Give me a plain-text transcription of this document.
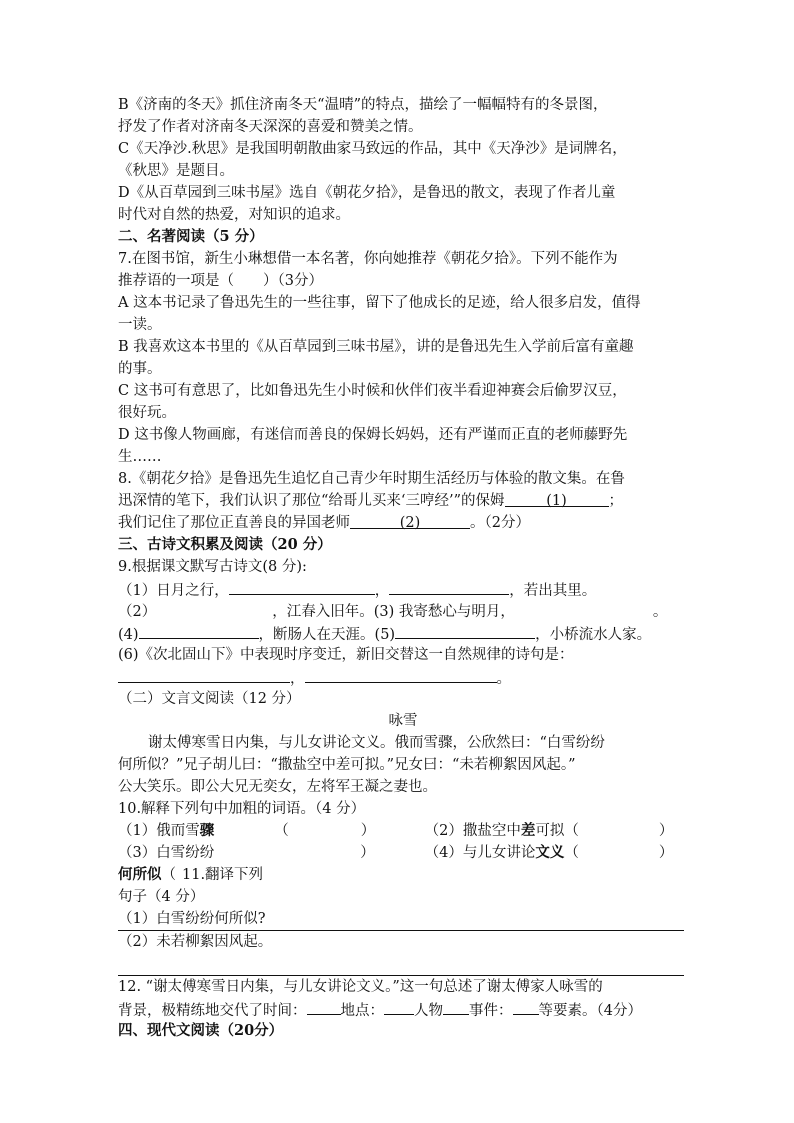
B《济南的冬天》抓住济南冬天“温晴”的特点，描绘了一幅幅特有的冬景图，
抒发了作者对济南冬天深深的喜爱和赞美之情。
C《天净沙.秋思》是我国明朝散曲家马致远的作品，其中《天净沙》是词牌名，
《秋思》是题目。
D《从百草园到三味书屋》选自《朝花夕拾》，是鲁迅的散文，表现了作者儿童
时代对自然的热爱，对知识的追求。
二、名著阅读（5 分）
7.在图书馆，新生小琳想借一本名著，你向她推荐《朝花夕拾》。下列不能作为
推荐语的一项是（　　）（3分）
A 这本书记录了鲁迅先生的一些往事，留下了他成长的足迹，给人很多启发，值得
一读。
B 我喜欢这本书里的《从百草园到三味书屋》，讲的是鲁迅先生入学前后富有童趣
的事。
C 这书可有意思了，比如鲁迅先生小时候和伙伴们夜半看迎神赛会后偷罗汉豆，
很好玩。
D 这书像人物画廊，有迷信而善良的保姆长妈妈，还有严谨而正直的老师藤野先
生……
8.《朝花夕拾》是鲁迅先生追忆自己青少年时期生活经历与体验的散文集。在鲁
迅深情的笔下，我们认识了那位“给哥儿买来‘三哼经’”的保姆	(1)	；
我们记住了那位正直善良的异国老师	(2)	。（2分）
三、古诗文积累及阅读（20 分）
9.根据课文默写古诗文(8 分):
（1）日月之行，	，	，若出其里。
（2）	，江春入旧年。(3) 我寄愁心与明月，	。
(4)	，断肠人在天涯。(5)	，小桥流水人家。
(6)《次北固山下》中表现时序变迁，新旧交替这一自然规律的诗句是：
，	。
（二）文言文阅读（12 分）
咏雪
谢太傅寒雪日内集，与儿女讲论文义。俄而雪骤，公欣然曰：“白雪纷纷
何所似？”兄子胡儿曰：“撒盐空中差可拟。”兄女曰：“未若柳絮因风起。”
公大笑乐。即公大兄无奕女，左将军王凝之妻也。
10.解释下列句中加粗的词语。（4 分）
（1）俄而雪骤	（	）	（2）撒盐空中差可拟（	）
（3）白雪纷纷	）	（4）与儿女讲论文义（	）
何所似（ 11.翻译下列
句子（4 分）
（1）白雪纷纷何所似?
（2）未若柳絮因风起。
12. “谢太傅寒雪日内集，与儿女讲论文义。”这一句总述了谢太傅家人咏雪的
背景，极精练地交代了时间： 地点： 人物 事件： 等要素。（4分）
四、现代文阅读（20分）
